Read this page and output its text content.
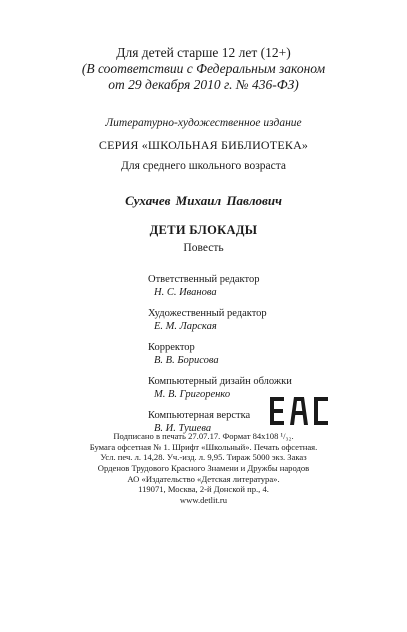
Для детей старше 12 лет (12+)
(В соответствии с Федеральным законом
от 29 декабря 2010 г. № 436-ФЗ)
Литературно-художественное издание
СЕРИЯ «ШКОЛЬНАЯ БИБЛИОТЕКА»
Для среднего школьного возраста
Сухачев Михаил Павлович
ДЕТИ БЛОКАДЫ
Повесть
Ответственный редактор
Н. С. Иванова
Художественный редактор
Е. М. Ларская
Корректор
В. В. Борисова
Компьютерный дизайн обложки
М. В. Григоренко
Компьютерная верстка
В. И. Тушева
Подписано в печать 27.07.17. Формат 84x108 ¹/₃₂.
Бумага офсетная № 1. Шрифт «Школьный». Печать офсетная.
Усл. печ. л. 14,28. Уч.-изд. л. 9,95. Тираж 5000 экз. Заказ
Орденов Трудового Красного Знамени и Дружбы народов
АО «Издательство «Детская литература».
119071, Москва, 2-й Донской пр., 4.
www.detlit.ru
